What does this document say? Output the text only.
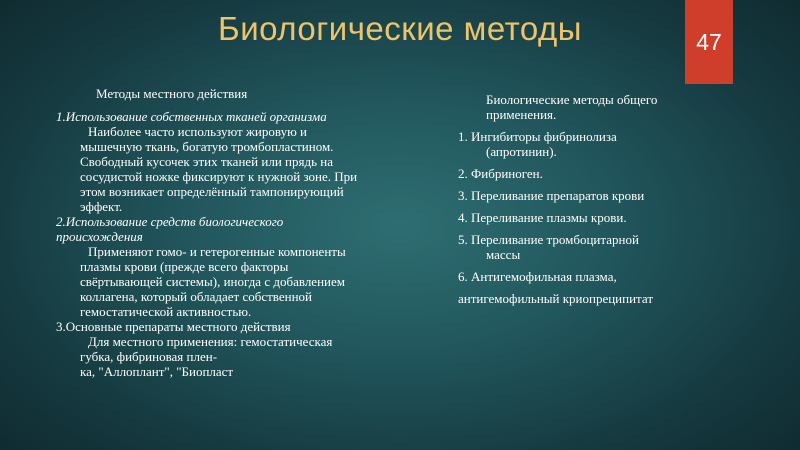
Биологические методы	47

Методы местного действия

1.Использование собственных тканей организма

Наиболее часто используют жировую и
мышечную ткань, богатую тромбопластином.
Свободный кусочек этих тканей или прядь на
сосудистой ножке фиксируют к нужной зоне. При
этом возникает определённый тампонирующий
эффект.

2.Использование средств биологического
происхождения

Применяют гомо- и гетерогенные компоненты
плазмы крови (прежде всего факторы
свёртывающей системы), иногда с добавлением
коллагена, который обладает собственной
гемостатической активностью.

3.Основные препараты местного действия

Для местного применения: гемостатическая
губка, фибриновая плен-
ка, "Аллоплант", "Биопласт
Биологические методы общего
применения.
1. Ингибиторы фибринолиза
(апротинин).
2. Фибриноген.
3. Переливание препаратов крови
4. Переливание плазмы крови.
5. Переливание тромбоцитарной
массы
6. Антигемофильная плазма,
антигемофильный криопреципитат
